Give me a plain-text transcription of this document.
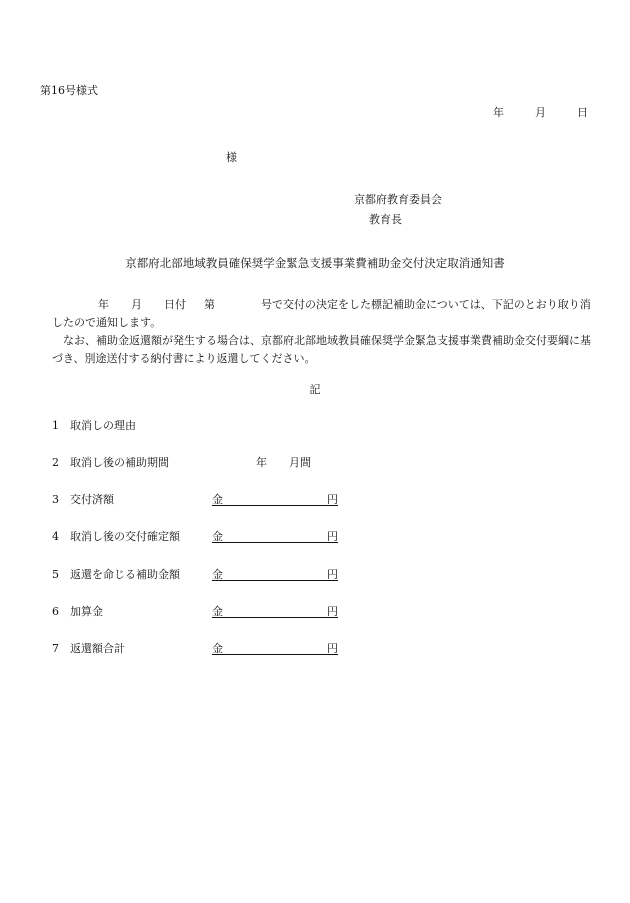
第16号様式
年	月	日
様
京都府教育委員会
教育長
京都府北部地域教員確保奨学金緊急支援事業費補助金交付決定取消通知書
年 月 日付 第	号で交付の決定をした標記補助金については、下記のとおり取り消したので通知します。
なお、補助金返還額が発生する場合は、京都府北部地域教員確保奨学金緊急支援事業費補助金交付要綱に基づき、別途送付する納付書により返還してください。
記
1 取消しの理由
2 取消し後の補助期間	年 月間
3 交付済額	金	円
4 取消し後の交付確定額	金	円
5 返還を命じる補助金額	金	円
6 加算金	金	円
7 返還額合計	金	円
